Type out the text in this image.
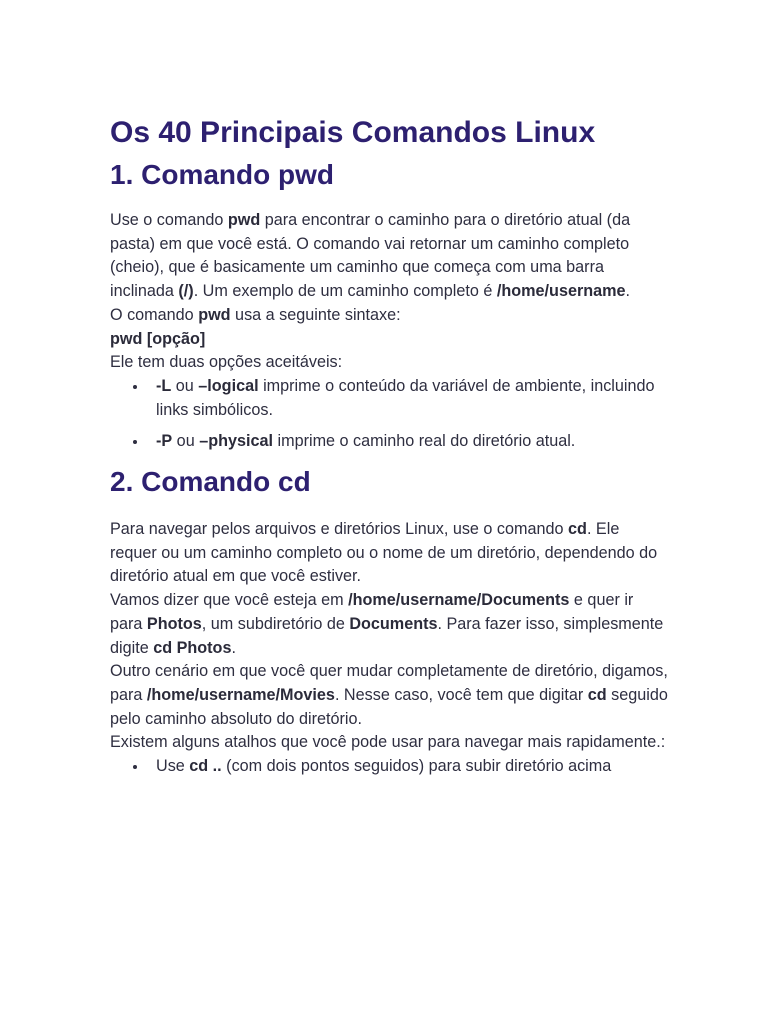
Os 40 Principais Comandos Linux
1. Comando pwd

Use o comando pwd para encontrar o caminho para o diretório atual (da pasta) em que você está. O comando vai retornar um caminho completo (cheio), que é basicamente um caminho que começa com uma barra inclinada (/). Um exemplo de um caminho completo é /home/username.

O comando pwd usa a seguinte sintaxe:

pwd [opção]

Ele tem duas opções aceitáveis:

-L ou –logical imprime o conteúdo da variável de ambiente, incluindo links simbólicos.
-P ou –physical imprime o caminho real do diretório atual.
2. Comando cd

Para navegar pelos arquivos e diretórios Linux, use o comando cd. Ele requer ou um caminho completo ou o nome de um diretório, dependendo do diretório atual em que você estiver.

Vamos dizer que você esteja em /home/username/Documents e quer ir para Photos, um subdiretório de Documents. Para fazer isso, simplesmente digite cd Photos.

Outro cenário em que você quer mudar completamente de diretório, digamos, para /home/username/Movies. Nesse caso, você tem que digitar cd seguido pelo caminho absoluto do diretório.

Existem alguns atalhos que você pode usar para navegar mais rapidamente.:

Use cd .. (com dois pontos seguidos) para subir diretório acima
